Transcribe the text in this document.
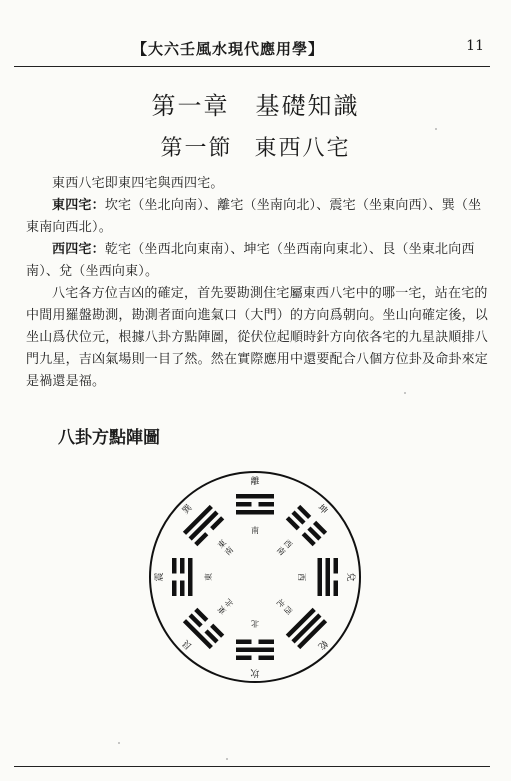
【大六壬風水現代應用學】	11
第一章 基礎知識
第一節 東西八宅

東西八宅即東四宅與西四宅。

東四宅：坎宅（坐北向南）、離宅（坐南向北）、震宅（坐東向西）、巽（坐東南向西北）。

西四宅：乾宅（坐西北向東南）、坤宅（坐西南向東北）、艮（坐東北向西南）、兌（坐西向東）。

八宅各方位吉凶的確定，首先要勘測住宅屬東西八宅中的哪一宅，站在宅的中間用羅盤勘測，勘測者面向進氣口（大門）的方向爲朝向。坐山向確定後，以坐山爲伏位元，根據八卦方點陣圖，從伏位起順時針方向依各宅的九星訣順排八門九星，吉凶氣場則一目了然。然在實際應用中還要配合八個方位卦及命卦來定是禍還是福。

八卦方點陣圖
離
南
坤
西
南
兌
西
乾
西
北
坎
北
艮
東
北
震	東
巽
東
南
